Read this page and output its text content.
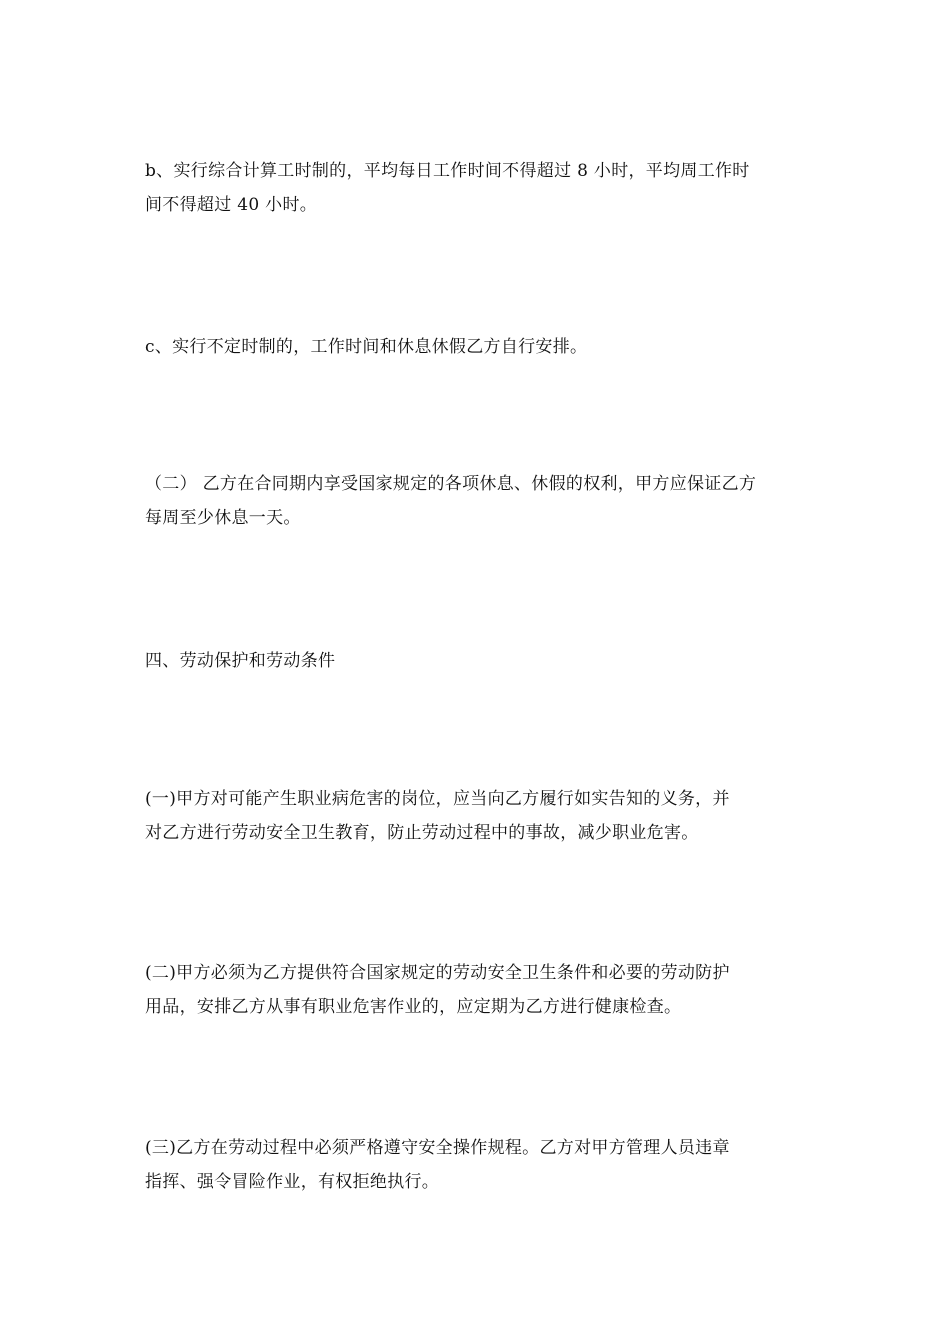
b、实行综合计算工时制的，平均每日工作时间不得超过 8 小时，平均周工作时
间不得超过 40 小时。

c、实行不定时制的，工作时间和休息休假乙方自行安排。

（二） 乙方在合同期内享受国家规定的各项休息、休假的权利，甲方应保证乙方
每周至少休息一天。

四、劳动保护和劳动条件

(一)甲方对可能产生职业病危害的岗位，应当向乙方履行如实告知的义务，并
对乙方进行劳动安全卫生教育，防止劳动过程中的事故，减少职业危害。

(二)甲方必须为乙方提供符合国家规定的劳动安全卫生条件和必要的劳动防护
用品，安排乙方从事有职业危害作业的，应定期为乙方进行健康检查。

(三)乙方在劳动过程中必须严格遵守安全操作规程。乙方对甲方管理人员违章
指挥、强令冒险作业，有权拒绝执行。
